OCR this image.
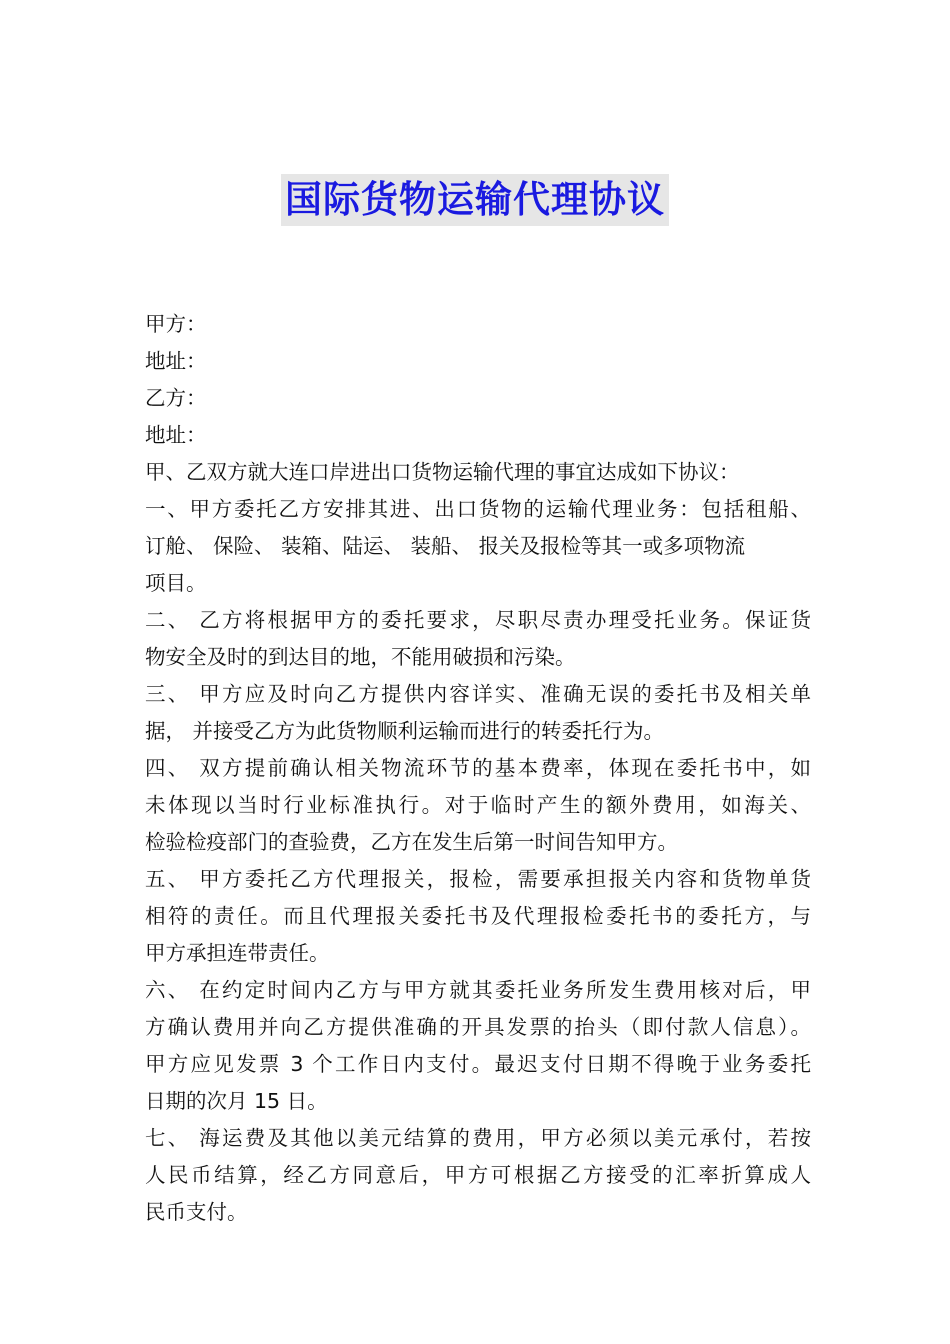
国际货物运输代理协议
甲方：
地址：
乙方：
地址：
甲、乙双方就大连口岸进出口货物运输代理的事宜达成如下协议：
一、甲方委托乙方安排其进、出口货物的运输代理业务：包括租船、
订舱、 保险、 装箱、陆运、 装船、 报关及报检等其一或多项物流
项目。
二、 乙方将根据甲方的委托要求，尽职尽责办理受托业务。保证货
物安全及时的到达目的地，不能用破损和污染。
三、 甲方应及时向乙方提供内容详实、准确无误的委托书及相关单
据， 并接受乙方为此货物顺利运输而进行的转委托行为。
四、 双方提前确认相关物流环节的基本费率，体现在委托书中，如
未体现以当时行业标准执行。对于临时产生的额外费用，如海关、
检验检疫部门的查验费，乙方在发生后第一时间告知甲方。
五、 甲方委托乙方代理报关，报检，需要承担报关内容和货物单货
相符的责任。而且代理报关委托书及代理报检委托书的委托方，与
甲方承担连带责任。
六、 在约定时间内乙方与甲方就其委托业务所发生费用核对后，甲
方确认费用并向乙方提供准确的开具发票的抬头（即付款人信息）。
甲方应见发票 3 个工作日内支付。最迟支付日期不得晚于业务委托
日期的次月 15 日。
七、 海运费及其他以美元结算的费用，甲方必须以美元承付，若按
人民币结算，经乙方同意后，甲方可根据乙方接受的汇率折算成人
民币支付。
